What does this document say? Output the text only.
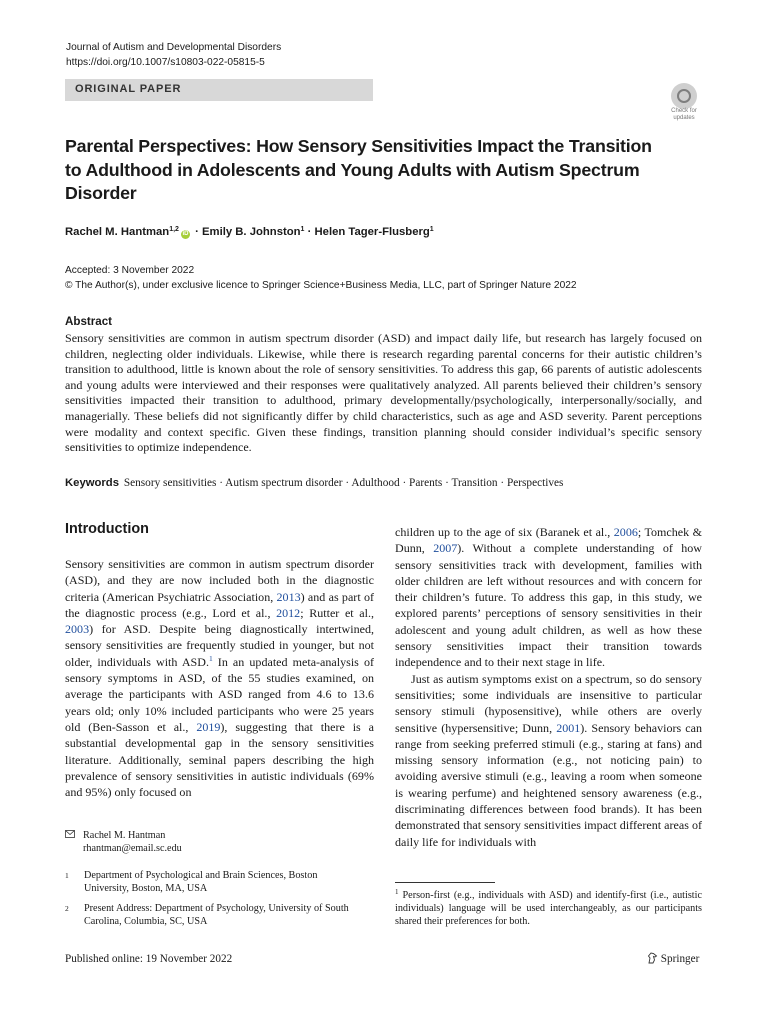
Journal of Autism and Developmental Disorders
https://doi.org/10.1007/s10803-022-05815-5
ORIGINAL PAPER
Check for
updates
Parental Perspectives: How Sensory Sensitivities Impact the Transition to Adulthood in Adolescents and Young Adults with Autism Spectrum Disorder
Rachel M. Hantman$^{1,2}$iD · Emily B. Johnston$^1$ · Helen Tager-Flusberg$^1$
Accepted: 3 November 2022
© The Author(s), under exclusive licence to Springer Science+Business Media, LLC, part of Springer Nature 2022
Abstract
Sensory sensitivities are common in autism spectrum disorder (ASD) and impact daily life, but research has largely focused on children, neglecting older individuals. Likewise, while there is research regarding parental concerns for their autistic children’s transition to adulthood, little is known about the role of sensory sensitivities. To address this gap, 66 parents of autistic adolescents and young adults were interviewed and their responses were qualitatively analyzed. All parents believed their children’s sensory sensitivities impacted their transition to adulthood, primary developmentally/psychologically, interpersonally/socially, and managerially. These beliefs did not significantly differ by child characteristics, such as age and ASD severity. Parent perceptions were modality and context specific. Given these findings, transition planning should consider individual’s specific sensory sensitivities to optimize independence.
Keywords Sensory sensitivities · Autism spectrum disorder · Adulthood · Parents · Transition · Perspectives
Introduction
Sensory sensitivities are common in autism spectrum disorder (ASD), and they are now included both in the diagnostic criteria (American Psychiatric Association, 2013) and as part of the diagnostic process (e.g., Lord et al., 2012; Rutter et al., 2003) for ASD. Despite being diagnostically intertwined, sensory sensitivities are frequently studied in younger, but not older, individuals with ASD.$^1$ In an updated meta-analysis of sensory symptoms in ASD, of the 55 studies examined, on average the participants with ASD ranged from 4.6 to 13.6 years old; only 10% included participants who were 25 years old (Ben-Sasson et al., 2019), suggesting that there is a substantial developmental gap in the sensory sensitivities literature. Additionally, seminal papers describing the high prevalence of sensory sensitivities in autistic individuals (69% and 95%) only focused on

children up to the age of six (Baranek et al., 2006; Tomchek & Dunn, 2007). Without a complete understanding of how sensory sensitivities track with development, families with older children are left without resources and with concern for their children’s future. To address this gap, in this study, we explored parents’ perceptions of sensory sensitivities in their adolescent and young adult children, as well as how these sensory sensitivities impact their transition towards independence and to their next stage in life.

Just as autism symptoms exist on a spectrum, so do sensory sensitivities; some individuals are insensitive to particular sensory stimuli (hyposensitive), while others are overly sensitive (hypersensitive; Dunn, 2001). Sensory behaviors can range from seeking preferred stimuli (e.g., staring at fans) and missing sensory information (e.g., not noticing pain) to avoiding aversive stimuli (e.g., leaving a room when someone is wearing perfume) and heightened sensory awareness (e.g., discriminating differences between food brands). It has been demonstrated that sensory sensitivities impact different areas of daily life for individuals with

Rachel M. Hantman
rhantman@email.sc.edu
1 Department of Psychological and Brain Sciences, Boston University, Boston, MA, USA
2 Present Address: Department of Psychology, University of South Carolina, Columbia, SC, USA
$^1$ Person-first (e.g., individuals with ASD) and identify-first (i.e., autistic individuals) language will be used interchangeably, as our participants shared their preferences for both.
Published online: 19 November 2022	Springer
